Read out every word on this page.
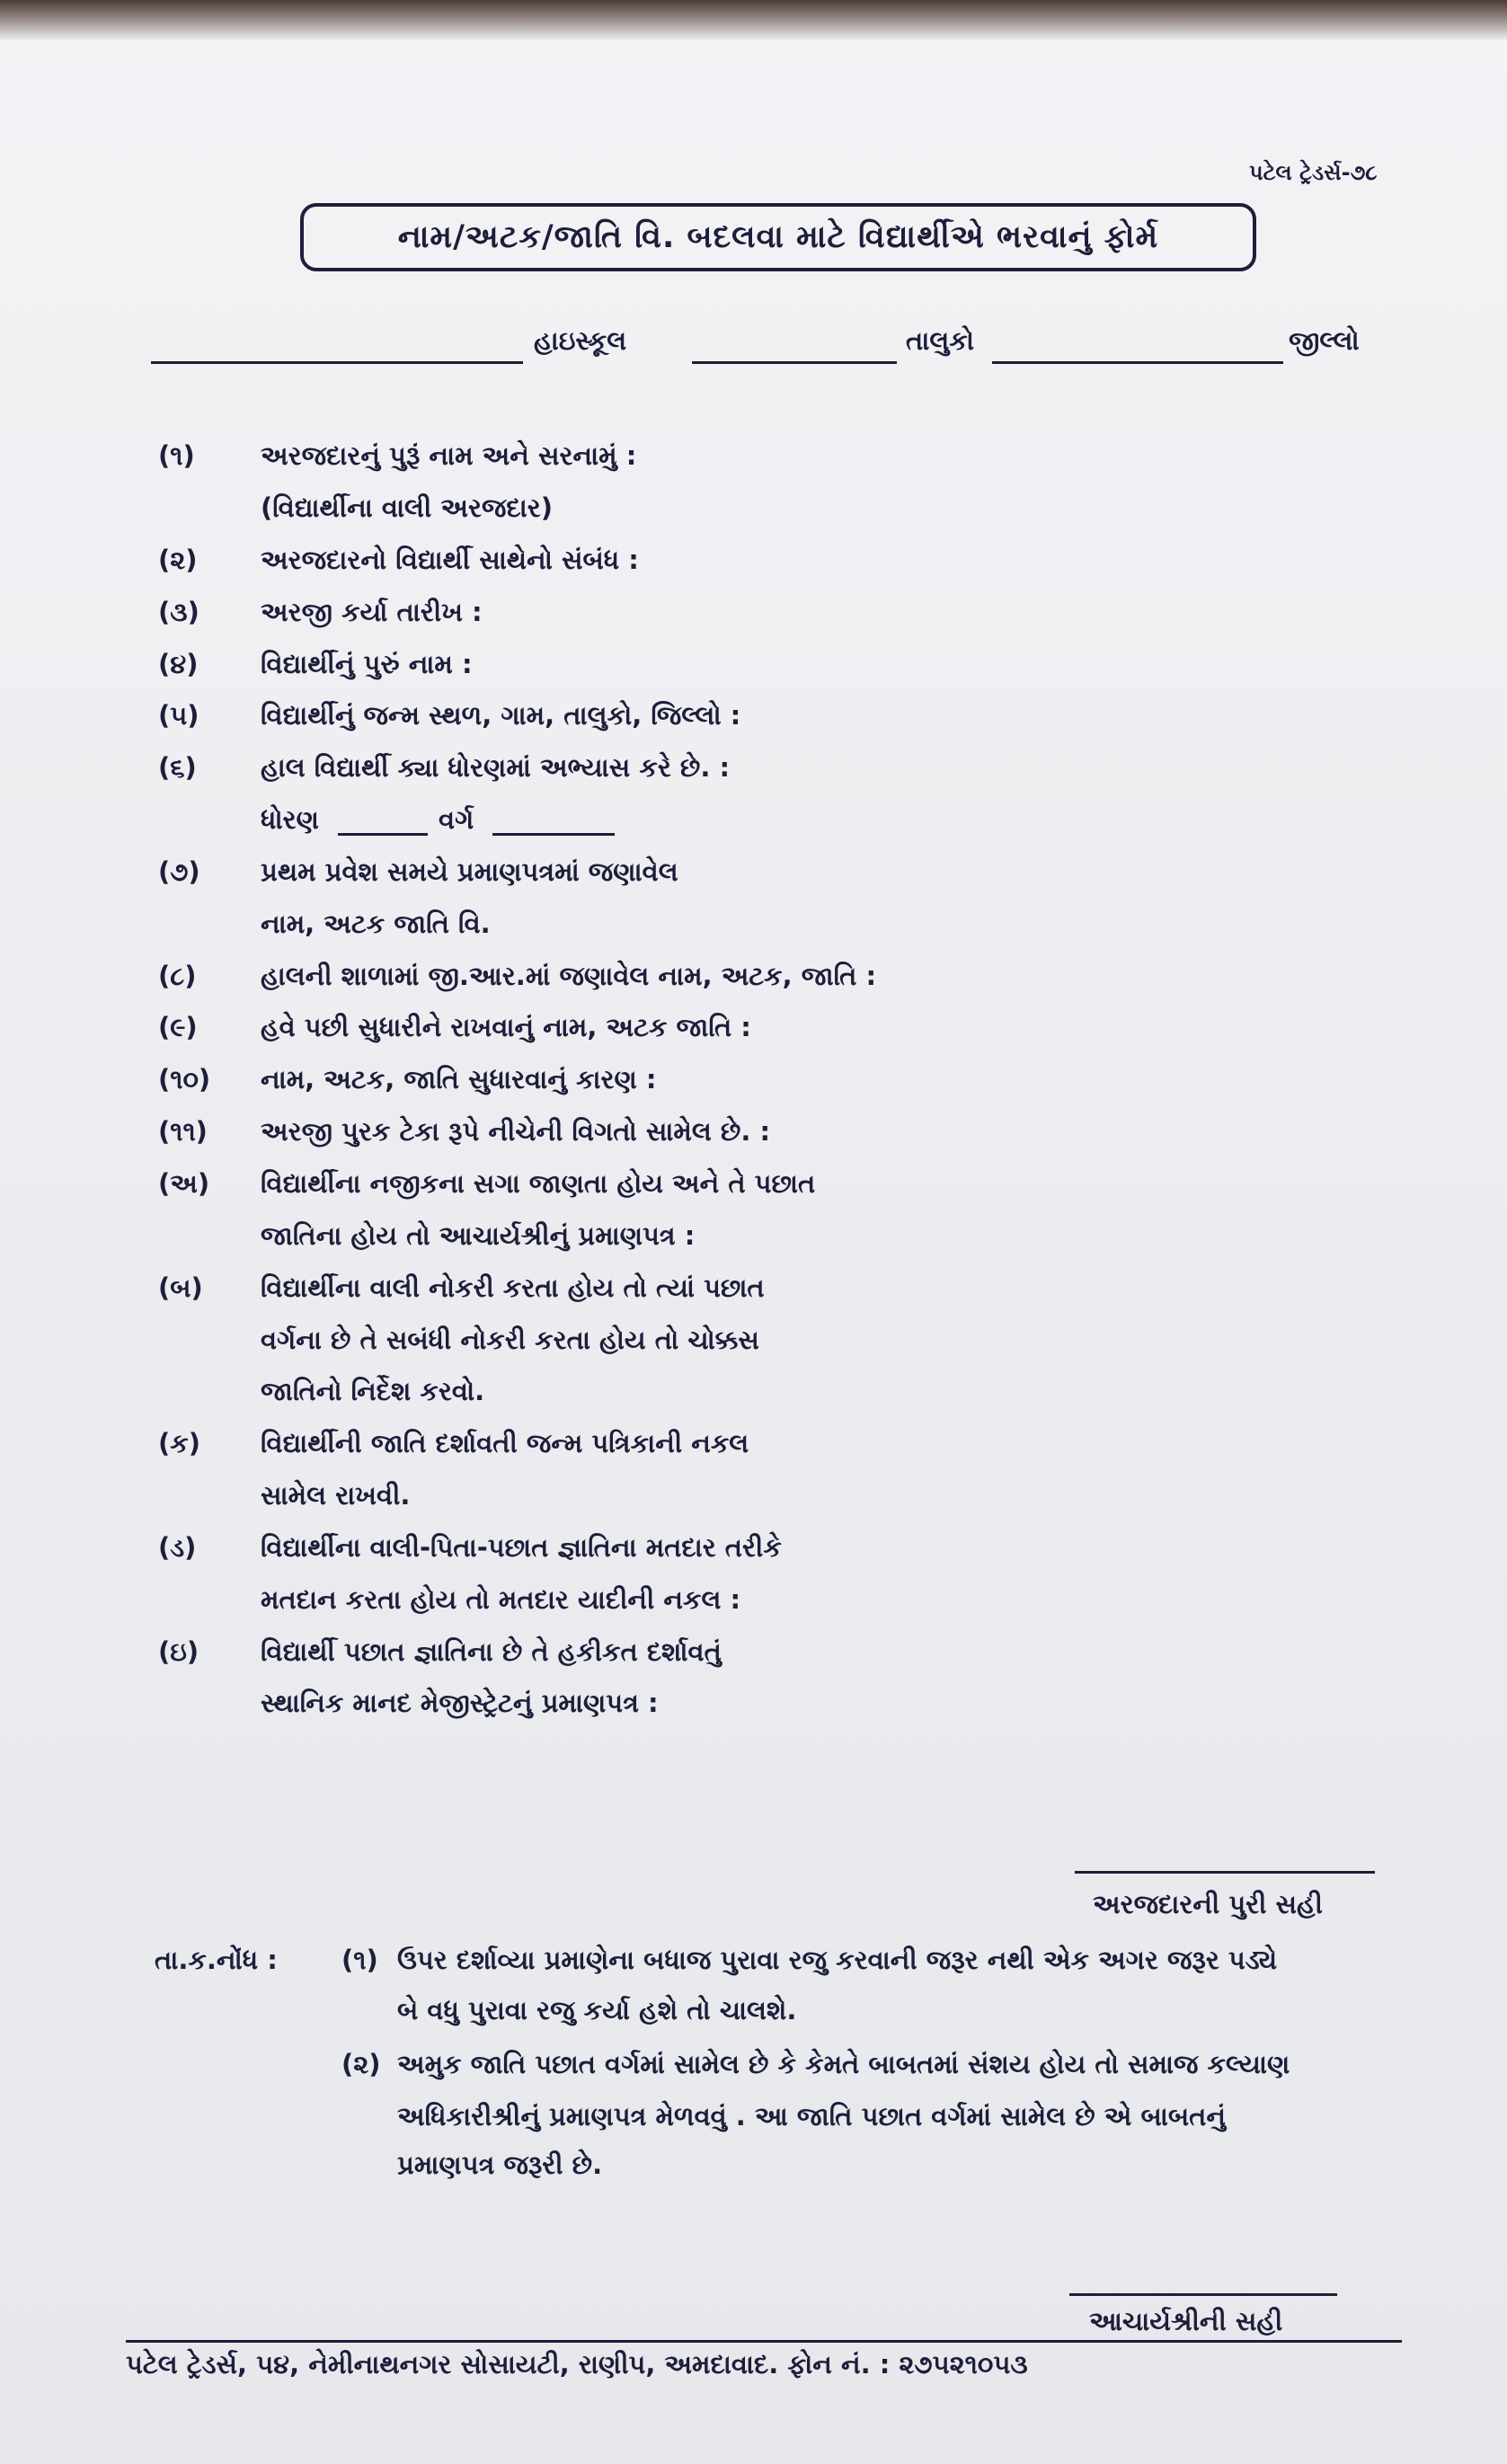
પટેલ ટ્રેડર્સ-૭૮
નામ/અટક/જાતિ વિ. બદલવા માટે વિદ્યાર્થીએ ભરવાનું ફોર્મ
હાઇસ્કૂલ	તાલુકો	જીલ્લો
(૧)	અરજદારનું પુરૂં નામ અને સરનામું :
(વિદ્યાર્થીના વાલી અરજદાર)
(૨) અરજદારનો વિદ્યાર્થી સાથેનો સંબંધ :
(૩) અરજી કર્યા તારીખ :
(૪) વિદ્યાર્થીનું પુરું નામ :
(૫) વિદ્યાર્થીનું જન્મ સ્થળ, ગામ, તાલુકો, જિલ્લો :
(૬) હાલ વિદ્યાર્થી ક્યા ધોરણમાં અભ્યાસ કરે છે. :
ધોરણ	વર્ગ
(૭) પ્રથમ પ્રવેશ સમયે પ્રમાણપત્રમાં જણાવેલ
નામ, અટક જાતિ વિ.
(૮) હાલની શાળામાં જી.આર.માં જણાવેલ નામ, અટક, જાતિ :
(૯) હવે પછી સુધારીને રાખવાનું નામ, અટક જાતિ :
(૧૦) નામ, અટક, જાતિ સુધારવાનું કારણ :
(૧૧) અરજી પુરક ટેકા રૂપે નીચેની વિગતો સામેલ છે. :
(અ) વિદ્યાર્થીના નજીકના સગા જાણતા હોય અને તે પછાત
જાતિના હોય તો આચાર્યશ્રીનું પ્રમાણપત્ર :
(બ) વિદ્યાર્થીના વાલી નોકરી કરતા હોય તો ત્યાં પછાત
વર્ગના છે તે સબંધી નોકરી કરતા હોય તો ચોક્કસ
જાતિનો નિર્દેશ કરવો.
(ક) વિદ્યાર્થીની જાતિ દર્શાવતી જન્મ પત્રિકાની નકલ
સામેલ રાખવી.
(ડ) વિદ્યાર્થીના વાલી-પિતા-પછાત જ્ઞાતિના મતદાર તરીકે
મતદાન કરતા હોય તો મતદાર યાદીની નકલ :
(ઇ) વિદ્યાર્થી પછાત જ્ઞાતિના છે તે હકીકત દર્શાવતું
સ્થાનિક માનદ મેજીસ્ટ્રેટનું પ્રમાણપત્ર :
અરજદારની પુરી સહી
તા.ક.નોંધ : (૧) ઉપર દર્શાવ્યા પ્રમાણેના બધાજ પુરાવા રજુ કરવાની જરૂર નથી એક અગર જરૂર પડ્યે
બે વધુ પુરાવા રજુ કર્યા હશે તો ચાલશે.
(૨) અમુક જાતિ પછાત વર્ગમાં સામેલ છે કે કેમતે બાબતમાં સંશય હોય તો સમાજ કલ્યાણ
અધિકારીશ્રીનું પ્રમાણપત્ર મેળવવું . આ જાતિ પછાત વર્ગમાં સામેલ છે એ બાબતનું
પ્રમાણપત્ર જરૂરી છે.
આચાર્યશ્રીની સહી
પટેલ ટ્રેડર્સ, ૫૪, નેમીનાથનગર સોસાયટી, રાણીપ, અમદાવાદ. ફોન નં. : ૨૭૫૨૧૦૫૩
